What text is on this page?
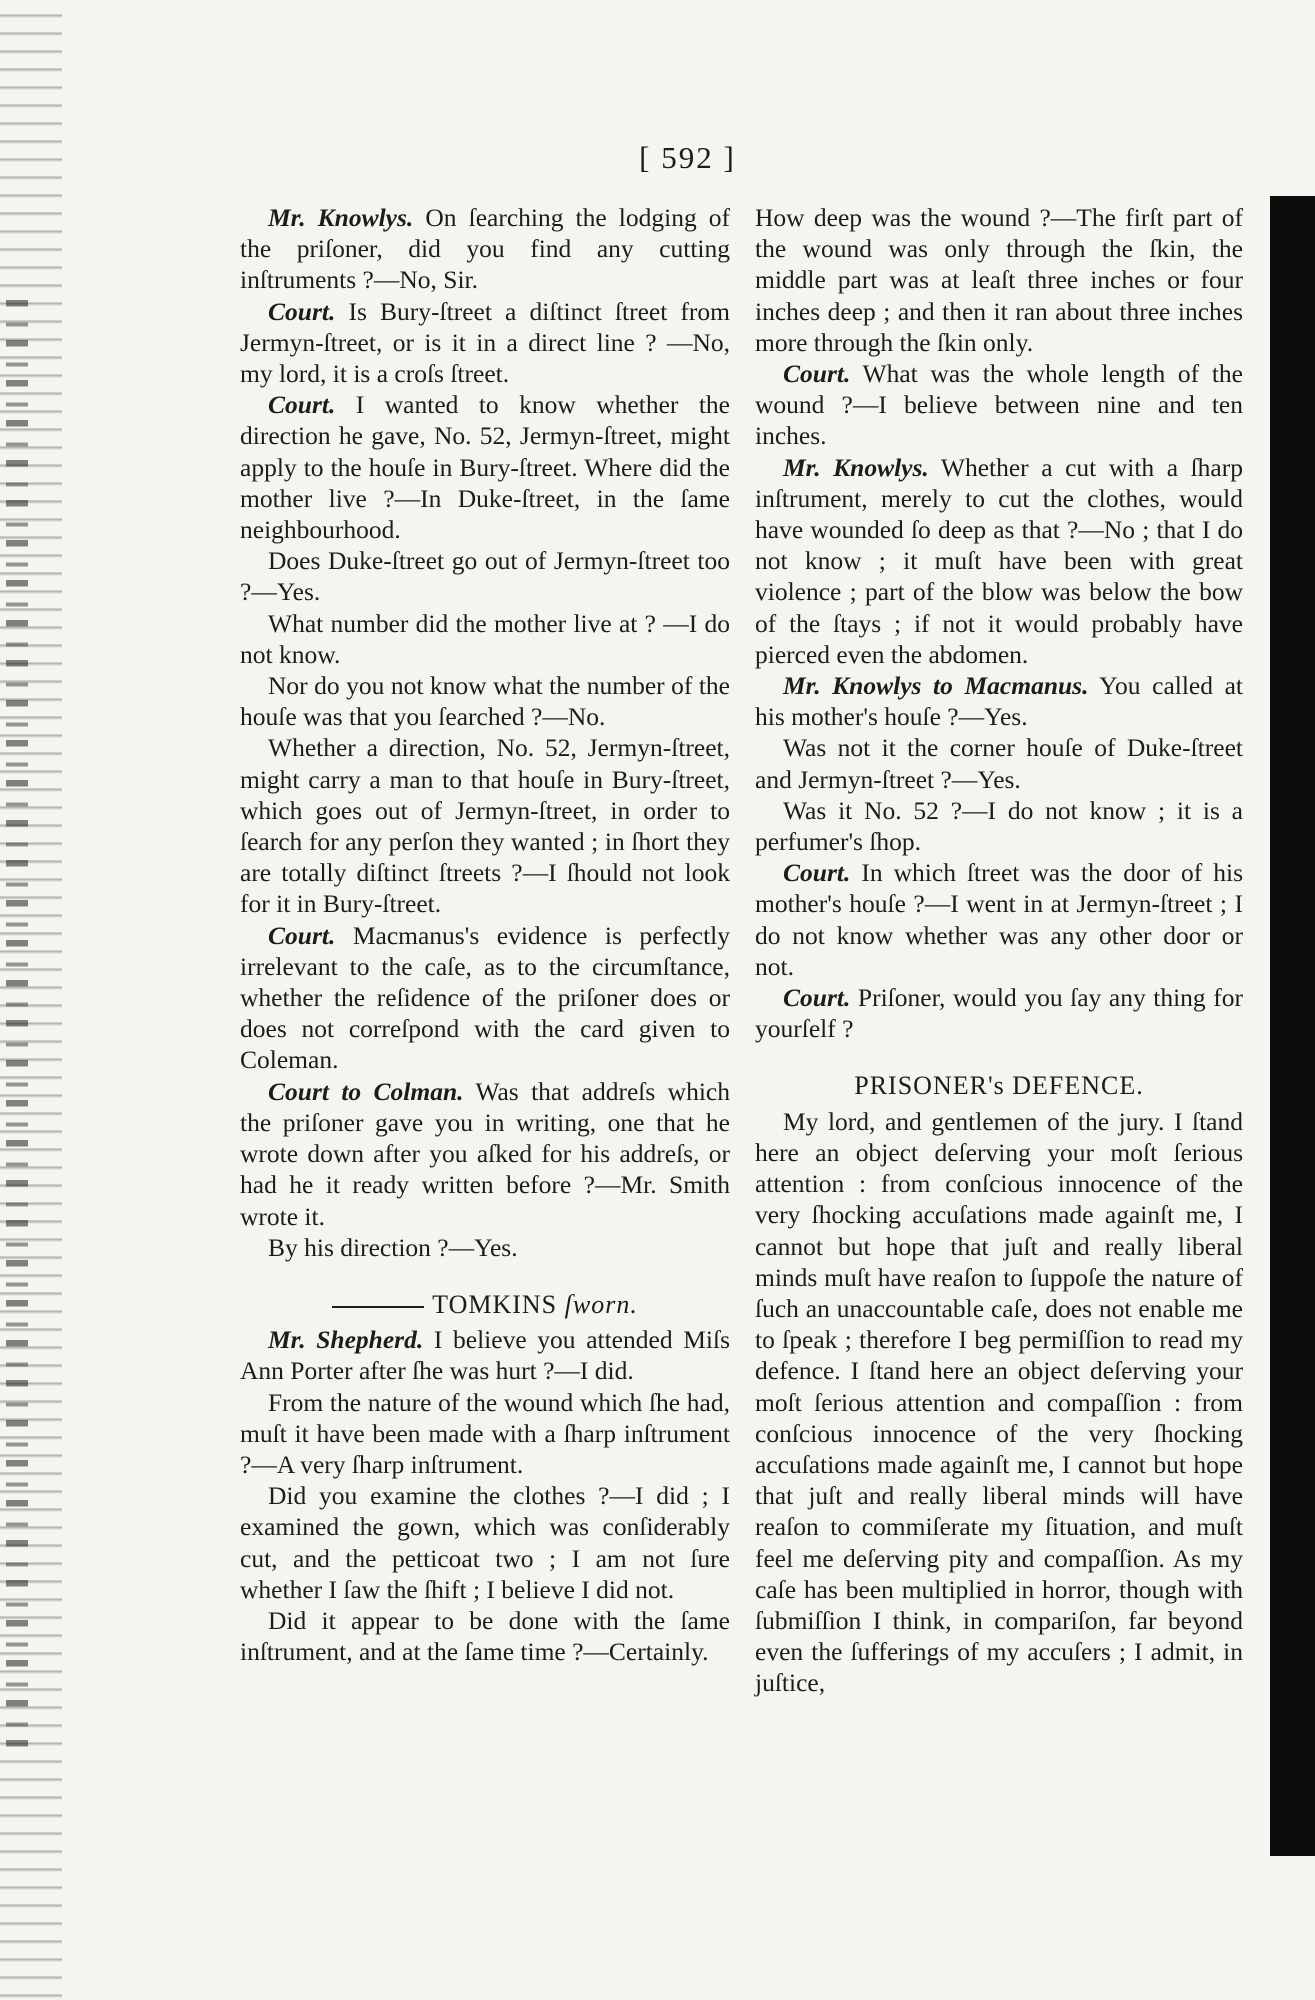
[ 592 ]

Mr. Knowlys. On ſearching the lodging of the priſoner, did you find any cutting inſtruments ?—No, Sir.

Court. Is Bury-ſtreet a diſtinct ſtreet from Jermyn-ſtreet, or is it in a direct line ? —No, my lord, it is a croſs ſtreet.

Court. I wanted to know whether the direction he gave, No. 52, Jermyn-ſtreet, might apply to the houſe in Bury-ſtreet. Where did the mother live ?—In Duke-ſtreet, in the ſame neighbourhood.

Does Duke-ſtreet go out of Jermyn-ſtreet too ?—Yes.

What number did the mother live at ? —I do not know.

Nor do you not know what the number of the houſe was that you ſearched ?—No.

Whether a direction, No. 52, Jermyn-ſtreet, might carry a man to that houſe in Bury-ſtreet, which goes out of Jermyn-ſtreet, in order to ſearch for any perſon they wanted ; in ſhort they are totally diſtinct ſtreets ?—I ſhould not look for it in Bury-ſtreet.

Court. Macmanus's evidence is perfectly irrelevant to the caſe, as to the circumſtance, whether the reſidence of the priſoner does or does not correſpond with the card given to Coleman.

Court to Colman. Was that addreſs which the priſoner gave you in writing, one that he wrote down after you aſked for his addreſs, or had he it ready written before ?—Mr. Smith wrote it.

By his direction ?—Yes.

TOMKINS ſworn.

Mr. Shepherd. I believe you attended Miſs Ann Porter after ſhe was hurt ?—I did.

From the nature of the wound which ſhe had, muſt it have been made with a ſharp inſtrument ?—A very ſharp inſtrument.

Did you examine the clothes ?—I did ; I examined the gown, which was conſiderably cut, and the petticoat two ; I am not ſure whether I ſaw the ſhift ; I believe I did not.

Did it appear to be done with the ſame inſtrument, and at the ſame time ?—Certainly.

How deep was the wound ?—The firſt part of the wound was only through the ſkin, the middle part was at leaſt three inches or four inches deep ; and then it ran about three inches more through the ſkin only.

Court. What was the whole length of the wound ?—I believe between nine and ten inches.

Mr. Knowlys. Whether a cut with a ſharp inſtrument, merely to cut the clothes, would have wounded ſo deep as that ?—No ; that I do not know ; it muſt have been with great violence ; part of the blow was below the bow of the ſtays ; if not it would probably have pierced even the abdomen.

Mr. Knowlys to Macmanus. You called at his mother's houſe ?—Yes.

Was not it the corner houſe of Duke-ſtreet and Jermyn-ſtreet ?—Yes.

Was it No. 52 ?—I do not know ; it is a perfumer's ſhop.

Court. In which ſtreet was the door of his mother's houſe ?—I went in at Jermyn-ſtreet ; I do not know whether was any other door or not.

Court. Priſoner, would you ſay any thing for yourſelf ?

PRISONER's DEFENCE.

My lord, and gentlemen of the jury. I ſtand here an object deſerving your moſt ſerious attention : from conſcious innocence of the very ſhocking accuſations made againſt me, I cannot but hope that juſt and really liberal minds muſt have reaſon to ſuppoſe the nature of ſuch an unaccountable caſe, does not enable me to ſpeak ; therefore I beg permiſſion to read my defence. I ſtand here an object deſerving your moſt ſerious attention and compaſſion : from conſcious innocence of the very ſhocking accuſations made againſt me, I cannot but hope that juſt and really liberal minds will have reaſon to commiſerate my ſituation, and muſt feel me deſerving pity and compaſſion. As my caſe has been multiplied in horror, though with ſubmiſſion I think, in compariſon, far beyond even the ſufferings of my accuſers ; I admit, in juſtice,
